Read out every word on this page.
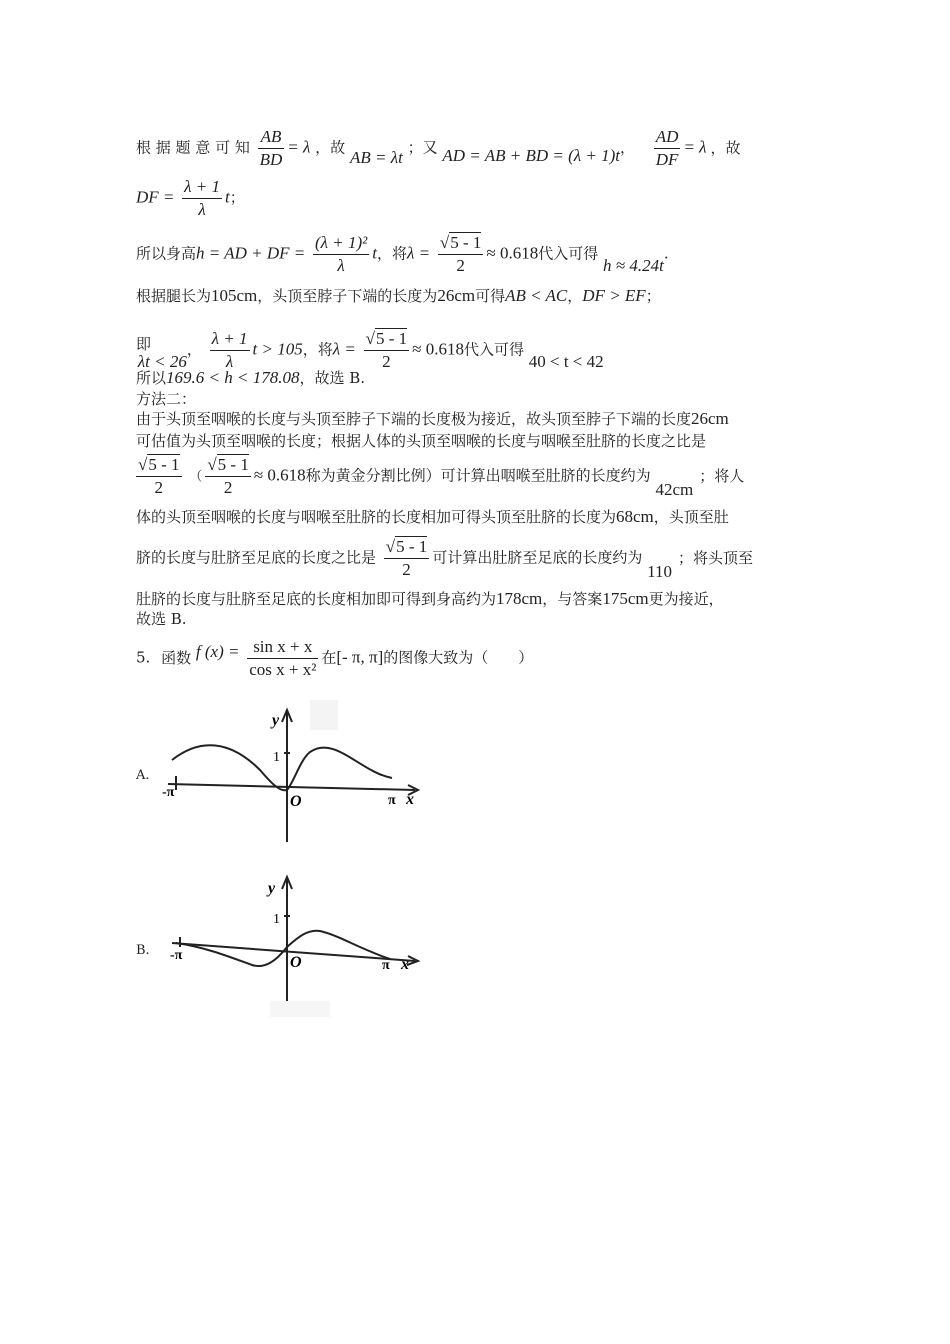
根 据 题 意 可 知 $\frac{AB}{BD} = \lambda$ ，故 AB = λt ；又 AD = AB + BD = (λ + 1)t， $\frac{AD}{DF} = \lambda$ ，故
DF = $\frac{\lambda + 1}{\lambda}$ t；
所以身高h = AD + DF = $\frac{\text{(λ + 1)²}}{\lambda}$ t，将$\lambda = \frac{√5 - 1}{2} \approx 0.618$代入可得 h ≈ 4.24t.
根据腿长为105cm，头顶至脖子下端的长度为26cm可得AB < AC，DF > EF；
即 λt < 26， $\frac{\lambda + 1}{\lambda}$ t > 105，将$\lambda = \frac{√5 - 1}{2} \approx 0.618$代入可得 40 < t < 42
所以169.6 < h < 178.08，故选 B.
方法二：
由于头顶至咽喉的长度与头顶至脖子下端的长度极为接近，故头顶至脖子下端的长度26cm
可估值为头顶至咽喉的长度；根据人体的头顶至咽喉的长度与咽喉至肚脐的长度之比是
$\frac{√5 - 1}{2}$ （ $\frac{√5 - 1}{2} \approx 0.618$称为黄金分割比例）可计算出咽喉至肚脐的长度约为 42cm；将人
体的头顶至咽喉的长度与咽喉至肚脐的长度相加可得头顶至肚脐的长度为68cm，头顶至肚
脐的长度与肚脐至足底的长度之比是 $\frac{√5 - 1}{2}$ 可计算出肚脐至足底的长度约为 110；将头顶至
肚脐的长度与肚脐至足底的长度相加即可得到身高约为178cm，与答案175cm更为接近，
故选 B.
5. 函数 f $(x) = \frac{\text{sin x + x}}{\text{cos x + x²}}$ 在[- π, π]的图像大致为（　　）
A.
y
1
-π
O	π x
B.
y
1
-π	O	π x
